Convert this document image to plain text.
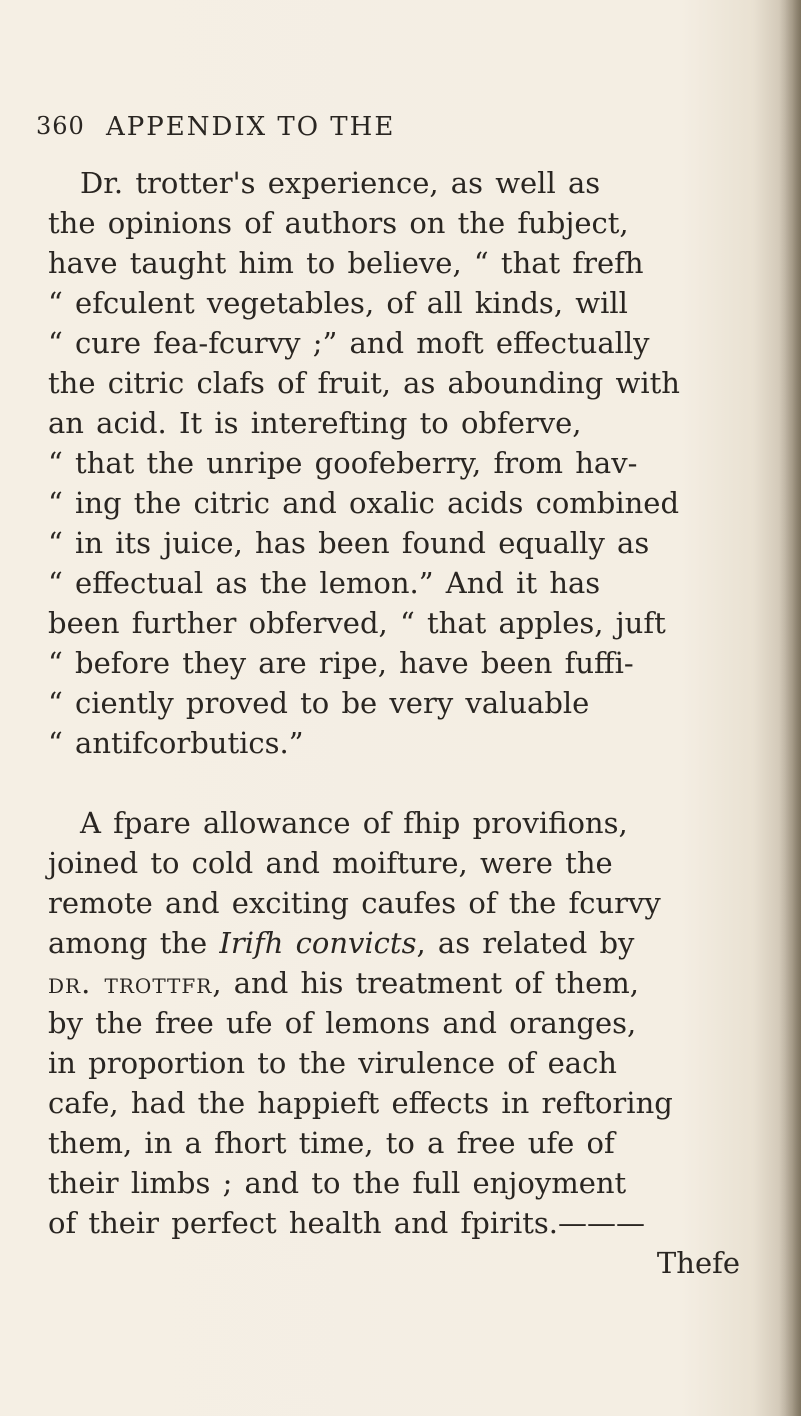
360 APPENDIX TO THE
Dr. trotter's experience, as well as
the opinions of authors on the fubject,
have taught him to believe, “ that frefh
“ efculent vegetables, of all kinds, will
“ cure fea-fcurvy ;” and moft effectually
the citric clafs of fruit, as abounding with
an acid. It is interefting to obferve,
“ that the unripe goofeberry, from hav-
“ ing the citric and oxalic acids combined
“ in its juice, has been found equally as
“ effectual as the lemon.” And it has
been further obferved, “ that apples, juft
“ before they are ripe, have been fuffi-
“ ciently proved to be very valuable
“ antifcorbutics.”
A fpare allowance of fhip provifions,
joined to cold and moifture, were the
remote and exciting caufes of the fcurvy
among the Irifh convicts, as related by
dr. trottfr, and his treatment of them,
by the free ufe of lemons and oranges,
in proportion to the virulence of each
cafe, had the happieft effects in reftoring
them, in a fhort time, to a free ufe of
their limbs ; and to the full enjoyment
of their perfect health and fpirits.———
Thefe
